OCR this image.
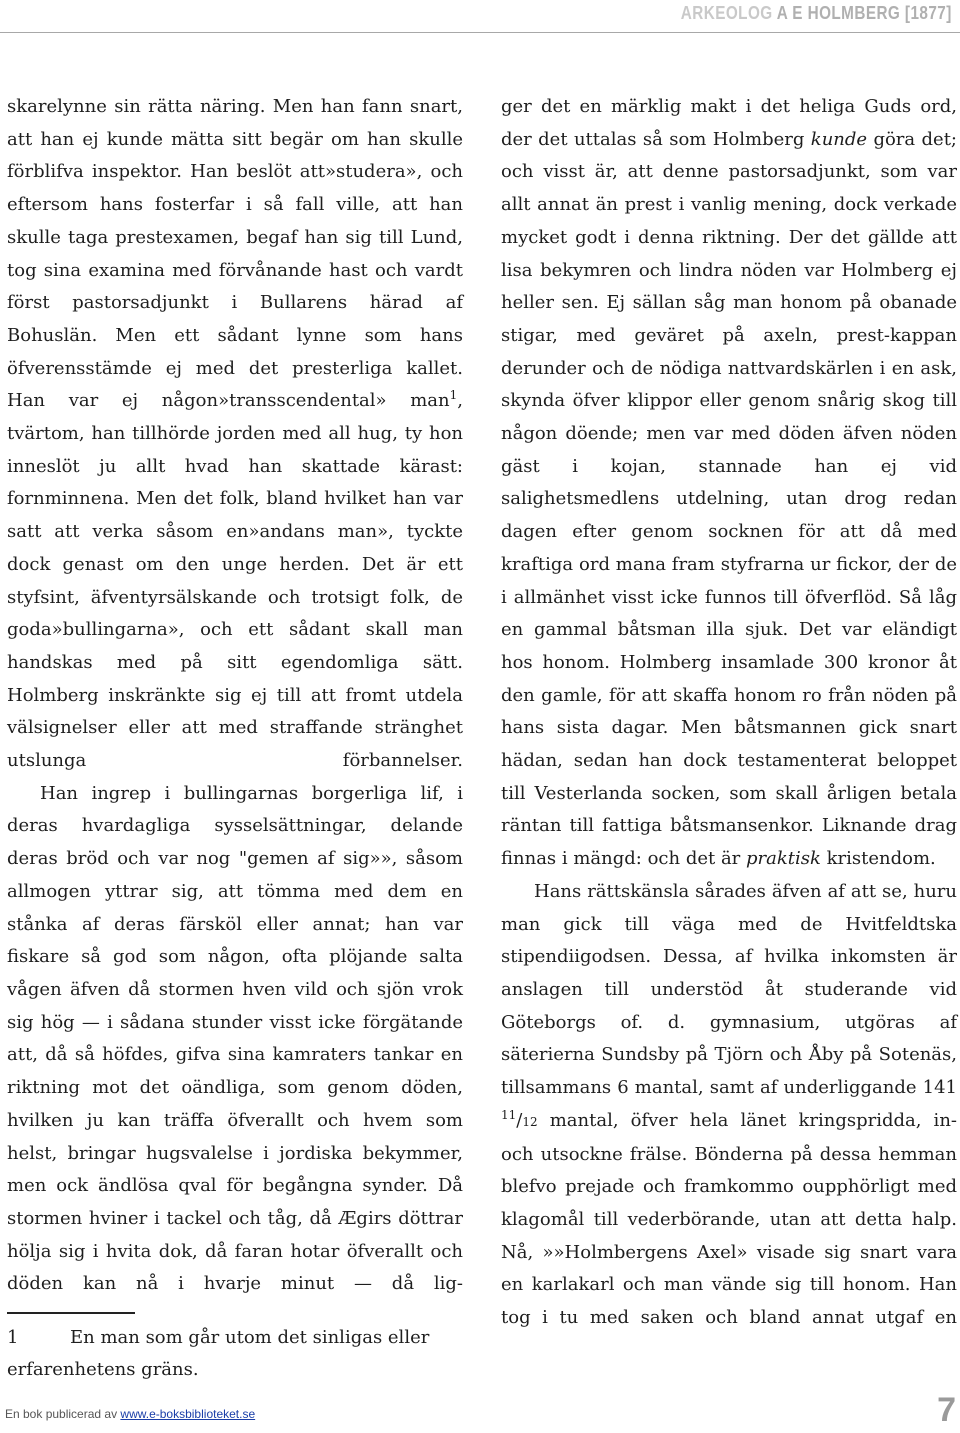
ARKEOLOG A E HOLMBERG [1877]

skarelynne sin rätta näring. Men han fann snart, att han ej kunde mätta sitt begär om han skulle förblifva inspektor. Han beslöt att»studera», och eftersom hans fosterfar i så fall ville, att han skulle taga prestexamen, begaf han sig till Lund, tog sina examina med förvånande hast och vardt först pastorsadjunkt i Bullarens härad af Bohuslän. Men ett sådant lynne som hans öfverensstämde ej med det presterliga kallet. Han var ej någon»transscendental» man$^1$, tvärtom, han tillhörde jorden med all hug, ty hon inneslöt ju allt hvad han skattade kärast: fornminnena. Men det folk, bland hvilket han var satt att verka såsom en»andans man», tyckte dock genast om den unge herden. Det är ett styfsint, äfventyrsälskande och trotsigt folk, de goda»bullingarna», och ett sådant skall man handskas med på sitt egendomliga sätt. Holmberg inskränkte sig ej till att fromt utdela välsignelser eller att med straffande stränghet utslunga förbannelser.

Han ingrep i bullingarnas borgerliga lif, i deras hvardagliga sysselsättningar, delande deras bröd och var nog "gemen af sig»», såsom allmogen yttrar sig, att tömma med dem en stånka af deras färsköl eller annat; han var fiskare så god som någon, ofta plöjande salta vågen äfven då stormen hven vild och sjön vrok sig hög — i sådana stunder visst icke förgätande att, då så höfdes, gifva sina kamraters tankar en riktning mot det oändliga, som genom döden, hvilken ju kan träffa öfverallt och hvem som helst, bringar hugsvalelse i jordiska bekymmer, men ock ändlösa qval för begångna synder. Då stormen hviner i tackel och tåg, då Ægirs döttrar hölja sig i hvita dok, då faran hotar öfverallt och döden kan nå i hvarje minut — då lig-

1	En man som går utom det sinligas eller erfarenhetens gräns.

ger det en märklig makt i det heliga Guds ord, der det uttalas så som Holmberg kunde göra det; och visst är, att denne pastorsadjunkt, som var allt annat än prest i vanlig mening, dock verkade mycket godt i denna riktning. Der det gällde att lisa bekymren och lindra nöden var Holmberg ej heller sen. Ej sällan såg man honom på obanade stigar, med geväret på axeln, prest-kappan derunder och de nödiga nattvardskärlen i en ask, skynda öfver klippor eller genom snårig skog till någon döende; men var med döden äfven nöden gäst i kojan, stannade han ej vid salighetsmedlens utdelning, utan drog redan dagen efter genom socknen för att då med kraftiga ord mana fram styfrarna ur fickor, der de i allmänhet visst icke funnos till öfverflöd. Så låg en gammal båtsman illa sjuk. Det var eländigt hos honom. Holmberg insamlade 300 kronor åt den gamle, för att skaffa honom ro från nöden på hans sista dagar. Men båtsmannen gick snart hädan, sedan han dock testamenterat beloppet till Vesterlanda socken, som skall årligen betala räntan till fattiga båtsmansenkor. Liknande drag finnas i mängd: och det är praktisk kristendom.

Hans rättskänsla sårades äfven af att se, huru man gick till väga med de Hvitfeldtska stipendiigodsen. Dessa, af hvilka inkomsten är anslagen till understöd åt studerande vid Göteborgs of. d. gymnasium, utgöras af säterierna Sundsby på Tjörn och Åby på Sotenäs, tillsammans 6 mantal, samt af underliggande 141 $^{11}$/12 mantal, öfver hela länet kringspridda, in- och utsockne frälse. Bönderna på dessa hemman blefvo prejade och framkommo oupphörligt med klagomål till vederbörande, utan att detta halp. Nå, »»Holmbergens Axel» visade sig snart vara en karlakarl och man vände sig till honom. Han tog i tu med saken och bland annat utgaf en

En bok publicerad av www.e-boksbiblioteket.se	7
